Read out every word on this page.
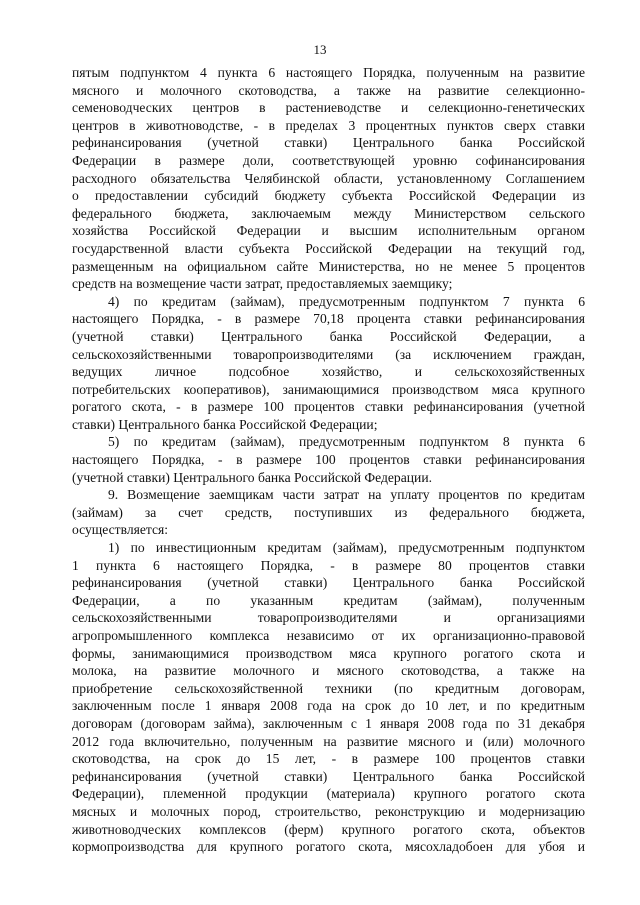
13
пятым подпунктом 4 пункта 6 настоящего Порядка, полученным на развитие
мясного и молочного скотоводства, а также на развитие селекционно-
семеноводческих центров в растениеводстве и селекционно-генетических
центров в животноводстве, - в пределах 3 процентных пунктов сверх ставки
рефинансирования (учетной ставки) Центрального банка Российской
Федерации в размере доли, соответствующей уровню софинансирования
расходного обязательства Челябинской области, установленному Соглашением
о предоставлении субсидий бюджету субъекта Российской Федерации из
федерального бюджета, заключаемым между Министерством сельского
хозяйства Российской Федерации и высшим исполнительным органом
государственной власти субъекта Российской Федерации на текущий год,
размещенным на официальном сайте Министерства, но не менее 5 процентов
средств на возмещение части затрат, предоставляемых заемщику;
4) по кредитам (займам), предусмотренным подпунктом 7 пункта 6
настоящего Порядка, - в размере 70,18 процента ставки рефинансирования
(учетной ставки) Центрального банка Российской Федерации, а
сельскохозяйственными товаропроизводителями (за исключением граждан,
ведущих личное подсобное хозяйство, и сельскохозяйственных
потребительских кооперативов), занимающимися производством мяса крупного
рогатого скота, - в размере 100 процентов ставки рефинансирования (учетной
ставки) Центрального банка Российской Федерации;
5) по кредитам (займам), предусмотренным подпунктом 8 пункта 6
настоящего Порядка, - в размере 100 процентов ставки рефинансирования
(учетной ставки) Центрального банка Российской Федерации.
9. Возмещение заемщикам части затрат на уплату процентов по кредитам
(займам) за счет средств, поступивших из федерального бюджета,
осуществляется:
1) по инвестиционным кредитам (займам), предусмотренным подпунктом
1 пункта 6 настоящего Порядка, - в размере 80 процентов ставки
рефинансирования (учетной ставки) Центрального банка Российской
Федерации, а по указанным кредитам (займам), полученным
сельскохозяйственными товаропроизводителями и организациями
агропромышленного комплекса независимо от их организационно-правовой
формы, занимающимися производством мяса крупного рогатого скота и
молока, на развитие молочного и мясного скотоводства, а также на
приобретение сельскохозяйственной техники (по кредитным договорам,
заключенным после 1 января 2008 года на срок до 10 лет, и по кредитным
договорам (договорам займа), заключенным с 1 января 2008 года по 31 декабря
2012 года включительно, полученным на развитие мясного и (или) молочного
скотоводства, на срок до 15 лет, - в размере 100 процентов ставки
рефинансирования (учетной ставки) Центрального банка Российской
Федерации), племенной продукции (материала) крупного рогатого скота
мясных и молочных пород, строительство, реконструкцию и модернизацию
животноводческих комплексов (ферм) крупного рогатого скота, объектов
кормопроизводства для крупного рогатого скота, мясохладобоен для убоя и
